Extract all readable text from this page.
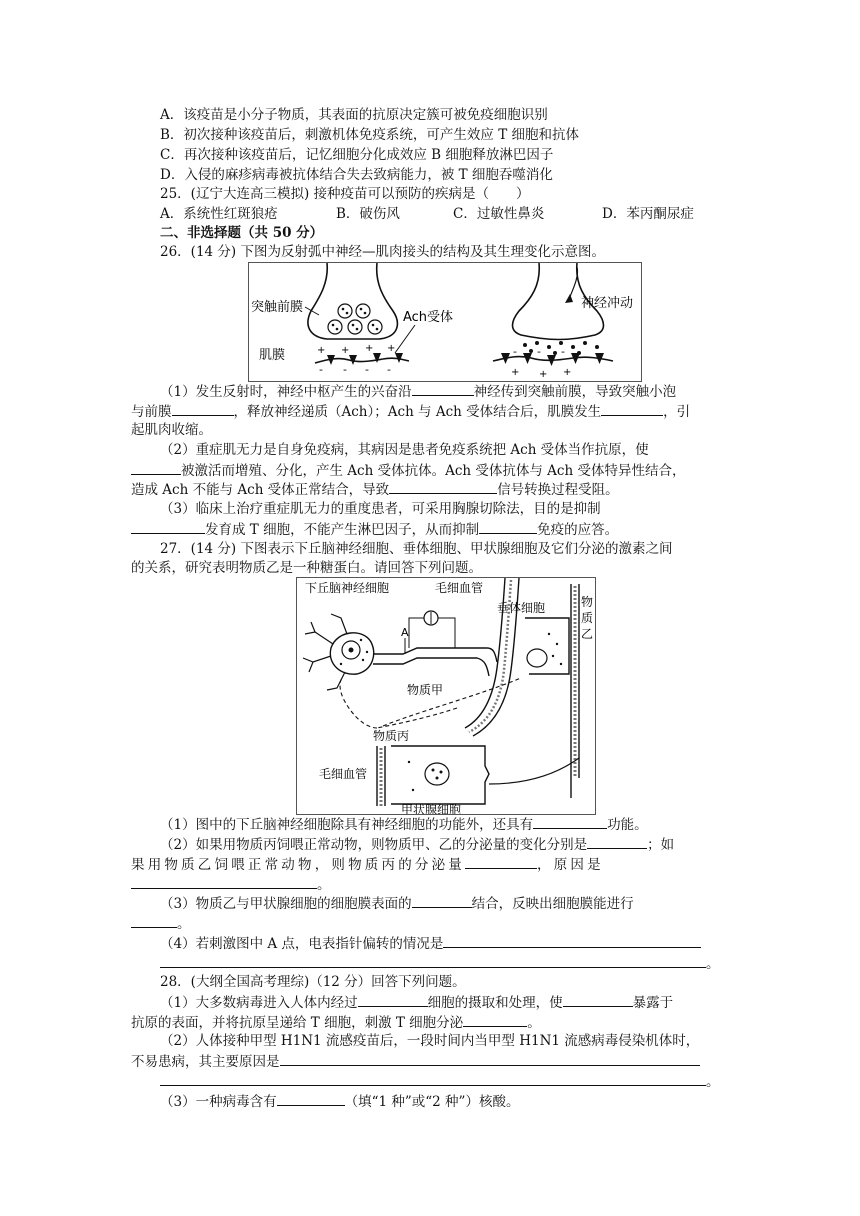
A．该疫苗是小分子物质，其表面的抗原决定簇可被免疫细胞识别
B．初次接种该疫苗后，刺激机体免疫系统，可产生效应 T 细胞和抗体
C．再次接种该疫苗后，记忆细胞分化成效应 B 细胞释放淋巴因子
D．入侵的麻疹病毒被抗体结合失去致病能力，被 T 细胞吞噬消化
25．(辽宁大连高三模拟) 接种疫苗可以预防的疾病是（　　）
A．系统性红斑狼疮	B．破伤风	C．过敏性鼻炎	D．苯丙酮尿症
二、非选择题（共 50 分）
26．(14 分) 下图为反射弧中神经—肌肉接头的结构及其生理变化示意图。
+ + + +
- - - -
突触前膜
Ach受体
肌膜
神经冲动
- - -
+ + +
（1）发生反射时，神经中枢产生的兴奋沿	神经传到突触前膜，导致突触小泡
与前膜	，释放神经递质（Ach）；Ach 与 Ach 受体结合后，肌膜发生	，引
起肌肉收缩。
（2）重症肌无力是自身免疫病，其病因是患者免疫系统把 Ach 受体当作抗原，使
被激活而增殖、分化，产生 Ach 受体抗体。Ach 受体抗体与 Ach 受体特异性结合，
造成 Ach 不能与 Ach 受体正常结合，导致	信号转换过程受阻。
（3）临床上治疗重症肌无力的重度患者，可采用胸腺切除法，目的是抑制
发育成 T 细胞，不能产生淋巴因子，从而抑制	免疫的应答。
27．(14 分) 下图表示下丘脑神经细胞、垂体细胞、甲状腺细胞及它们分泌的激素之间
的关系，研究表明物质乙是一种糖蛋白。请回答下列问题。
下丘脑神经细胞	毛细血管
垂体细胞	物
质
乙
A
物质甲
物质丙
毛细血管
甲状腺细胞
（1）图中的下丘脑神经细胞除具有神经细胞的功能外，还具有	功能。
（2）如果用物质丙饲喂正常动物，则物质甲、乙的分泌量的变化分别是	；如
果用物质乙饲喂正常动物，则物质丙的分泌量	，原因是
。
（3）物质乙与甲状腺细胞的细胞膜表面的	结合，反映出细胞膜能进行
。
（4）若刺激图中 A 点，电表指针偏转的情况是
。
28．(大纲全国高考理综)（12 分）回答下列问题。
（1）大多数病毒进入人体内经过	细胞的摄取和处理，使	暴露于
抗原的表面，并将抗原呈递给 T 细胞，刺激 T 细胞分泌	。
（2）人体接种甲型 H1N1 流感疫苗后，一段时间内当甲型 H1N1 流感病毒侵染机体时，
不易患病，其主要原因是
。
（3）一种病毒含有	（填“1 种”或“2 种”）核酸。
